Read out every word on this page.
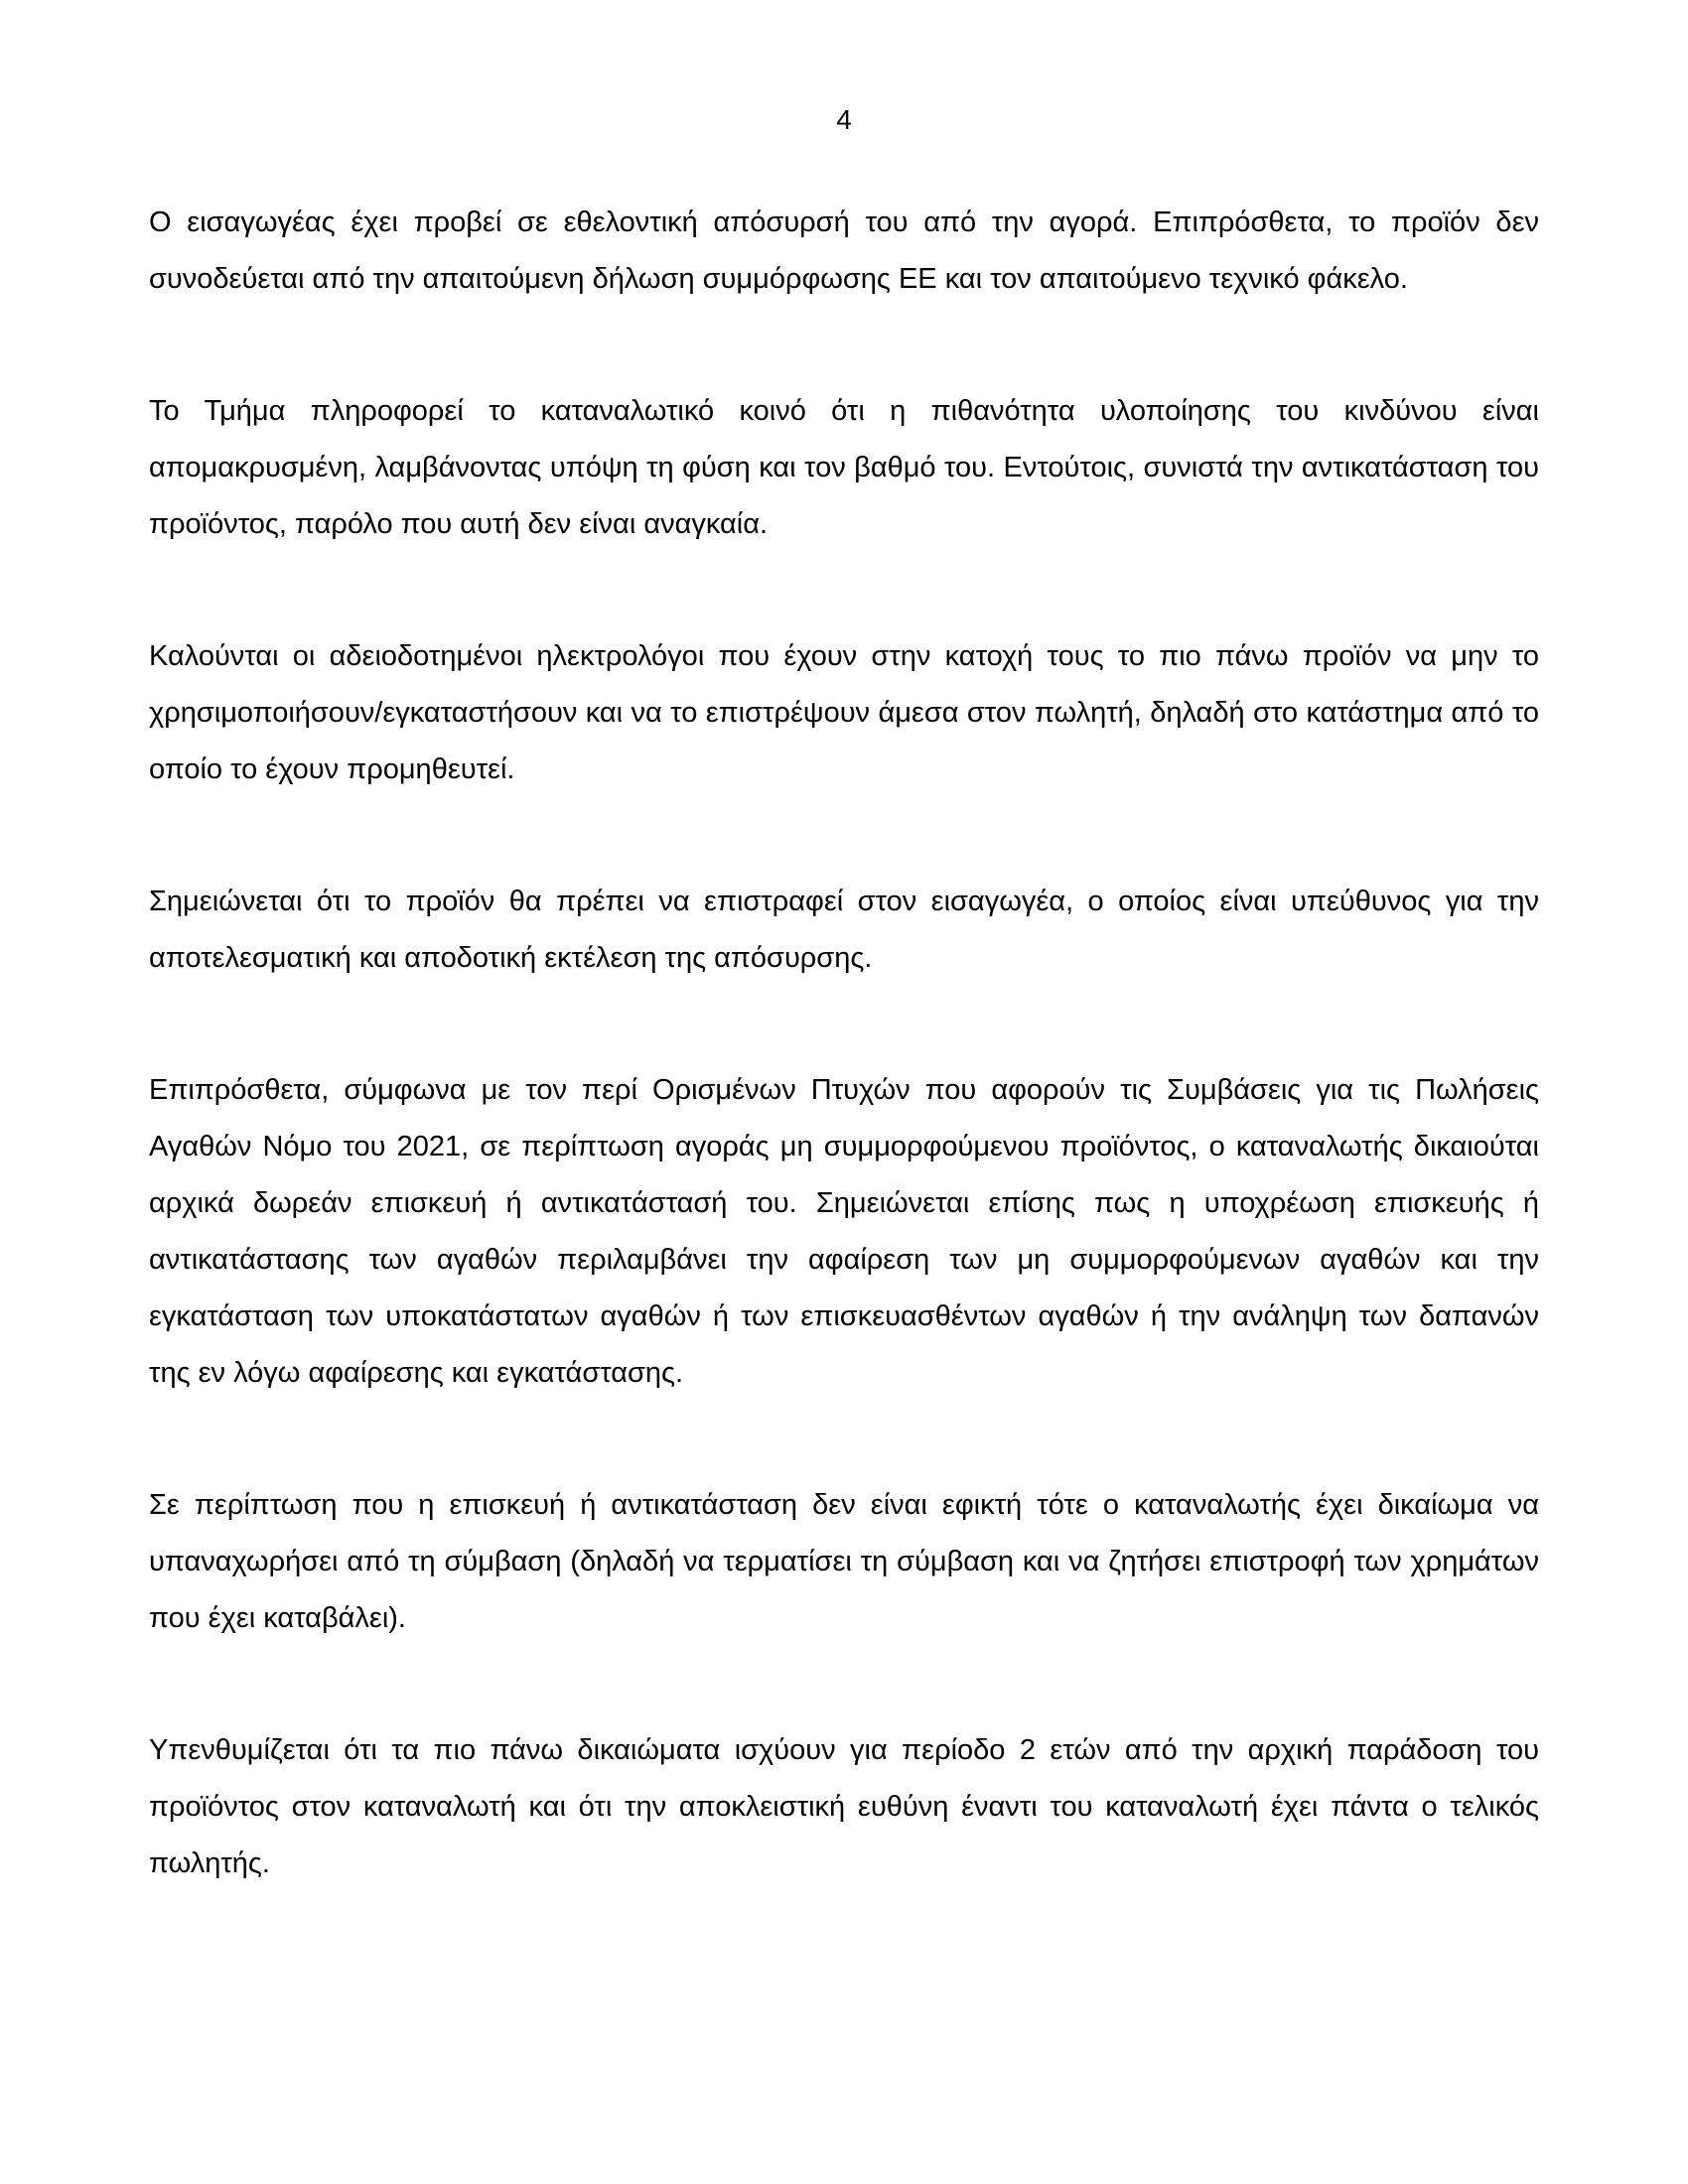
4

Ο εισαγωγέας έχει προβεί σε εθελοντική απόσυρσή του από την αγορά. Επιπρόσθετα, το προϊόν δεν συνοδεύεται από την απαιτούμενη δήλωση συμμόρφωσης ΕΕ και τον απαιτούμενο τεχνικό φάκελο.

Το Τμήμα πληροφορεί το καταναλωτικό κοινό ότι η πιθανότητα υλοποίησης του κινδύνου είναι απομακρυσμένη, λαμβάνοντας υπόψη τη φύση και τον βαθμό του. Εντούτοις, συνιστά την αντικατάσταση του προϊόντος, παρόλο που αυτή δεν είναι αναγκαία.

Καλούνται οι αδειοδοτημένοι ηλεκτρολόγοι που έχουν στην κατοχή τους το πιο πάνω προϊόν να μην το χρησιμοποιήσουν/εγκαταστήσουν και να το επιστρέψουν άμεσα στον πωλητή, δηλαδή στο κατάστημα από το οποίο το έχουν προμηθευτεί.

Σημειώνεται ότι το προϊόν θα πρέπει να επιστραφεί στον εισαγωγέα, ο οποίος είναι υπεύθυνος για την αποτελεσματική και αποδοτική εκτέλεση της απόσυρσης.

Επιπρόσθετα, σύμφωνα με τον περί Ορισμένων Πτυχών που αφορούν τις Συμβάσεις για τις Πωλήσεις Αγαθών Νόμο του 2021, σε περίπτωση αγοράς μη συμμορφούμενου προϊόντος, ο καταναλωτής δικαιούται αρχικά δωρεάν επισκευή ή αντικατάστασή του. Σημειώνεται επίσης πως η υποχρέωση επισκευής ή αντικατάστασης των αγαθών περιλαμβάνει την αφαίρεση των μη συμμορφούμενων αγαθών και την εγκατάσταση των υποκατάστατων αγαθών ή των επισκευασθέντων αγαθών ή την ανάληψη των δαπανών της εν λόγω αφαίρεσης και εγκατάστασης.

Σε περίπτωση που η επισκευή ή αντικατάσταση δεν είναι εφικτή τότε ο καταναλωτής έχει δικαίωμα να υπαναχωρήσει από τη σύμβαση (δηλαδή να τερματίσει τη σύμβαση και να ζητήσει επιστροφή των χρημάτων που έχει καταβάλει).

Υπενθυμίζεται ότι τα πιο πάνω δικαιώματα ισχύουν για περίοδο 2 ετών από την αρχική παράδοση του προϊόντος στον καταναλωτή και ότι την αποκλειστική ευθύνη έναντι του καταναλωτή έχει πάντα ο τελικός πωλητής.
